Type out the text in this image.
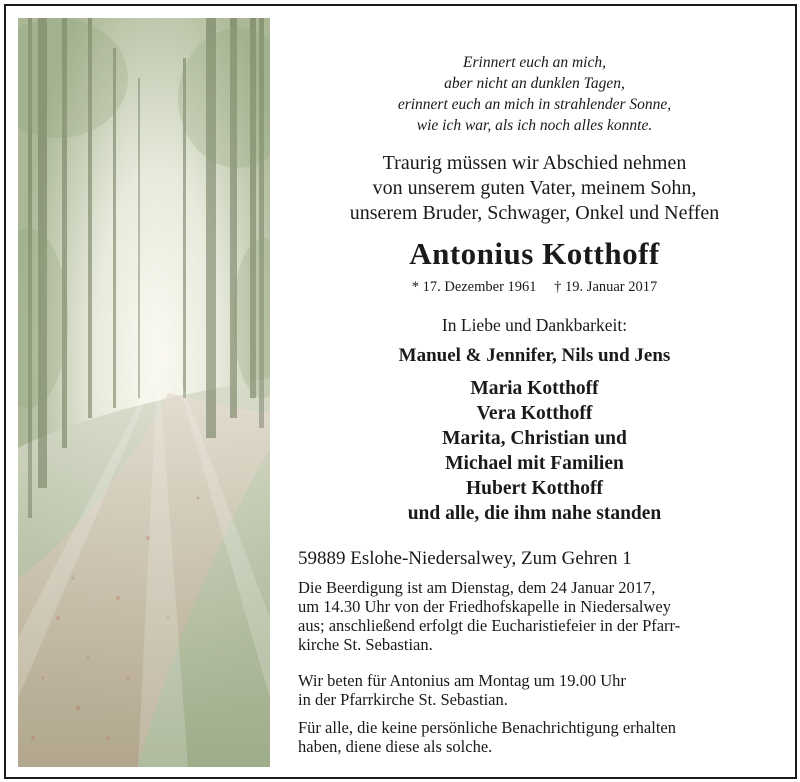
Erinnert euch an mich,
aber nicht an dunklen Tagen,
erinnert euch an mich in strahlender Sonne,
wie ich war, als ich noch alles konnte.
Traurig müssen wir Abschied nehmen
von unserem guten Vater, meinem Sohn,
unserem Bruder, Schwager, Onkel und Neffen
Antonius Kotthoff
* 17. Dezember 1961 † 19. Januar 2017
In Liebe und Dankbarkeit:
Manuel & Jennifer, Nils und Jens
Maria Kotthoff
Vera Kotthoff
Marita, Christian und
Michael mit Familien
Hubert Kotthoff
und alle, die ihm nahe standen
59889 Eslohe-Niedersalwey, Zum Gehren 1
Die Beerdigung ist am Dienstag, dem 24 Januar 2017,
um 14.30 Uhr von der Friedhofskapelle in Niedersalwey
aus; anschließend erfolgt die Eucharistiefeier in der Pfarr-
kirche St. Sebastian.
Wir beten für Antonius am Montag um 19.00 Uhr
in der Pfarrkirche St. Sebastian.
Für alle, die keine persönliche Benachrichtigung erhalten
haben, diene diese als solche.
